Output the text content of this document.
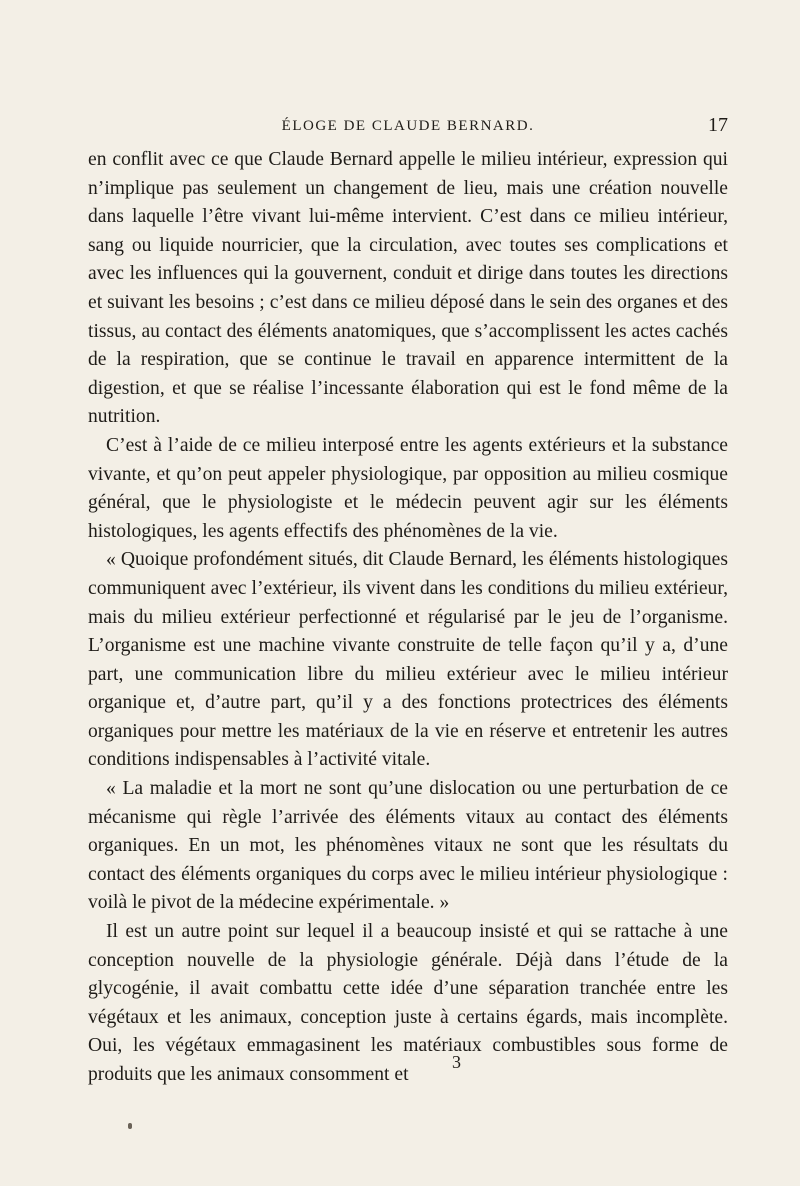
ÉLOGE DE CLAUDE BERNARD.	17

en conflit avec ce que Claude Bernard appelle le milieu intérieur, expression qui n’implique pas seulement un changement de lieu, mais une création nouvelle dans laquelle l’être vivant lui-même intervient. C’est dans ce milieu intérieur, sang ou liquide nourricier, que la circulation, avec toutes ses complications et avec les influences qui la gouvernent, conduit et dirige dans toutes les directions et suivant les besoins ; c’est dans ce milieu déposé dans le sein des organes et des tissus, au contact des éléments anatomiques, que s’accomplissent les actes cachés de la respiration, que se continue le travail en apparence intermittent de la digestion, et que se réalise l’incessante élaboration qui est le fond même de la nutrition.

C’est à l’aide de ce milieu interposé entre les agents extérieurs et la substance vivante, et qu’on peut appeler physiologique, par opposition au milieu cosmique général, que le physiologiste et le médecin peuvent agir sur les éléments histologiques, les agents effectifs des phénomènes de la vie.

« Quoique profondément situés, dit Claude Bernard, les éléments histologiques communiquent avec l’extérieur, ils vivent dans les conditions du milieu extérieur, mais du milieu extérieur perfectionné et régularisé par le jeu de l’organisme. L’organisme est une machine vivante construite de telle façon qu’il y a, d’une part, une communication libre du milieu extérieur avec le milieu intérieur organique et, d’autre part, qu’il y a des fonctions protectrices des éléments organiques pour mettre les matériaux de la vie en réserve et entretenir les autres conditions indispensables à l’activité vitale.

« La maladie et la mort ne sont qu’une dislocation ou une perturbation de ce mécanisme qui règle l’arrivée des éléments vitaux au contact des éléments organiques. En un mot, les phénomènes vitaux ne sont que les résultats du contact des éléments organiques du corps avec le milieu intérieur physiologique : voilà le pivot de la médecine expérimentale. »

Il est un autre point sur lequel il a beaucoup insisté et qui se rattache à une conception nouvelle de la physiologie générale. Déjà dans l’étude de la glycogénie, il avait combattu cette idée d’une séparation tranchée entre les végétaux et les animaux, conception juste à certains égards, mais incomplète. Oui, les végétaux emmagasinent les matériaux combustibles sous forme de produits que les animaux consomment et

3
